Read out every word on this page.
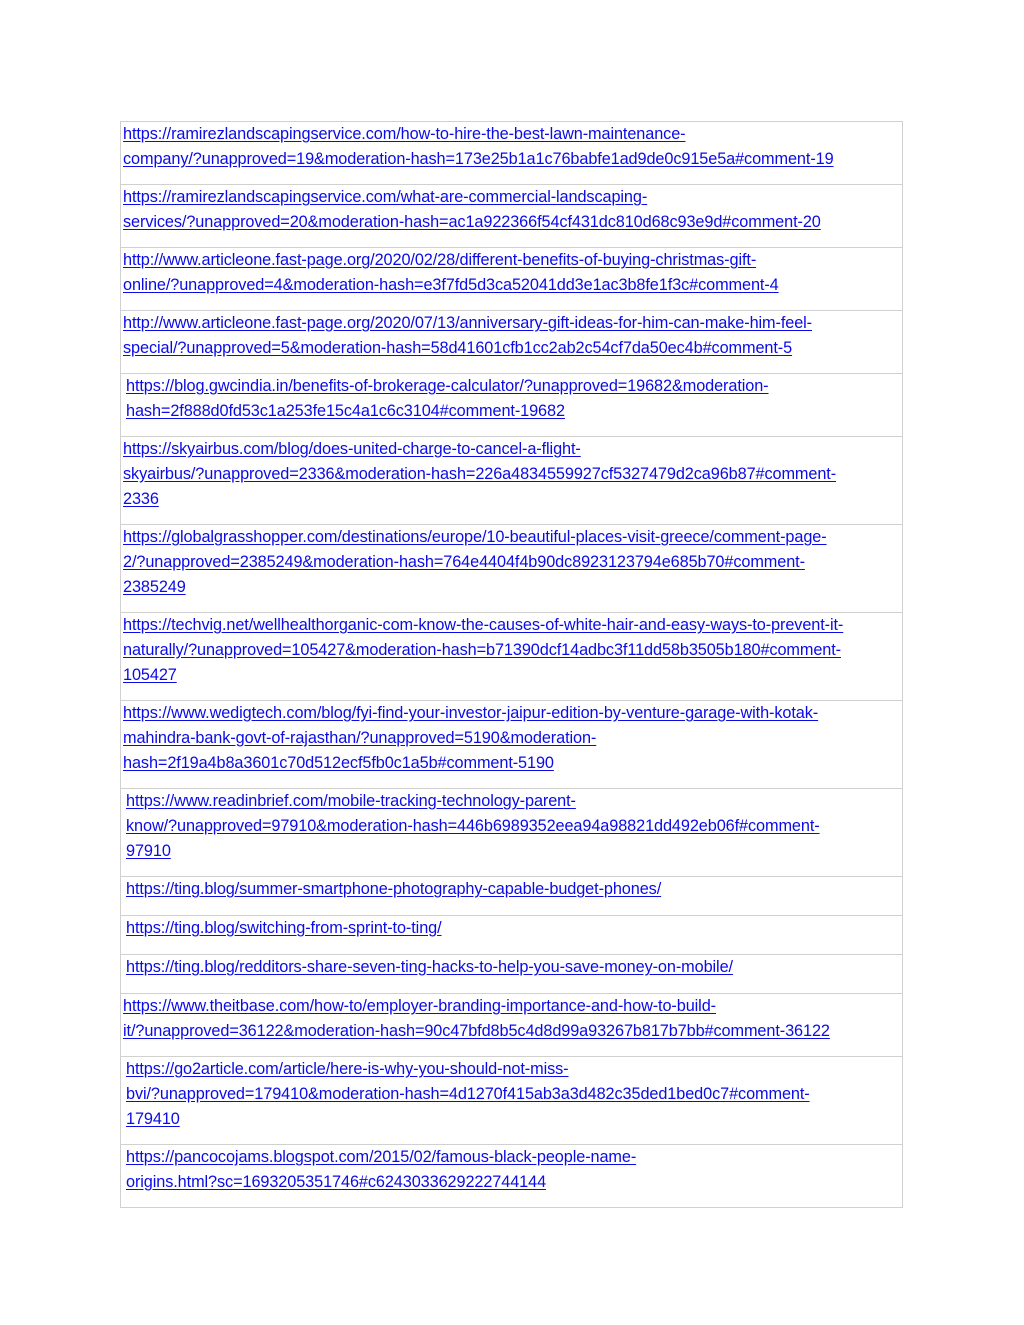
https://ramirezlandscapingservice.com/how-to-hire-the-best-lawn-maintenance-
company/?unapproved=19&moderation-hash=173e25b1a1c76babfe1ad9de0c915e5a#comment-19

https://ramirezlandscapingservice.com/what-are-commercial-landscaping-
services/?unapproved=20&moderation-hash=ac1a922366f54cf431dc810d68c93e9d#comment-20

http://www.articleone.fast-page.org/2020/02/28/different-benefits-of-buying-christmas-gift-
online/?unapproved=4&moderation-hash=e3f7fd5d3ca52041dd3e1ac3b8fe1f3c#comment-4

http://www.articleone.fast-page.org/2020/07/13/anniversary-gift-ideas-for-him-can-make-him-feel-
special/?unapproved=5&moderation-hash=58d41601cfb1cc2ab2c54cf7da50ec4b#comment-5

https://blog.gwcindia.in/benefits-of-brokerage-calculator/?unapproved=19682&moderation-
hash=2f888d0fd53c1a253fe15c4a1c6c3104#comment-19682

https://skyairbus.com/blog/does-united-charge-to-cancel-a-flight-
skyairbus/?unapproved=2336&moderation-hash=226a4834559927cf5327479d2ca96b87#comment-
2336

https://globalgrasshopper.com/destinations/europe/10-beautiful-places-visit-greece/comment-page-
2/?unapproved=2385249&moderation-hash=764e4404f4b90dc8923123794e685b70#comment-
2385249

https://techvig.net/wellhealthorganic-com-know-the-causes-of-white-hair-and-easy-ways-to-prevent-it-
naturally/?unapproved=105427&moderation-hash=b71390dcf14adbc3f11dd58b3505b180#comment-
105427

https://www.wedigtech.com/blog/fyi-find-your-investor-jaipur-edition-by-venture-garage-with-kotak-
mahindra-bank-govt-of-rajasthan/?unapproved=5190&moderation-
hash=2f19a4b8a3601c70d512ecf5fb0c1a5b#comment-5190

https://www.readinbrief.com/mobile-tracking-technology-parent-
know/?unapproved=97910&moderation-hash=446b6989352eea94a98821dd492eb06f#comment-
97910

https://ting.blog/summer-smartphone-photography-capable-budget-phones/

https://ting.blog/switching-from-sprint-to-ting/

https://ting.blog/redditors-share-seven-ting-hacks-to-help-you-save-money-on-mobile/

https://www.theitbase.com/how-to/employer-branding-importance-and-how-to-build-
it/?unapproved=36122&moderation-hash=90c47bfd8b5c4d8d99a93267b817b7bb#comment-36122

https://go2article.com/article/here-is-why-you-should-not-miss-
bvi/?unapproved=179410&moderation-hash=4d1270f415ab3a3d482c35ded1bed0c7#comment-
179410

https://pancocojams.blogspot.com/2015/02/famous-black-people-name-
origins.html?sc=1693205351746#c6243033629222744144
